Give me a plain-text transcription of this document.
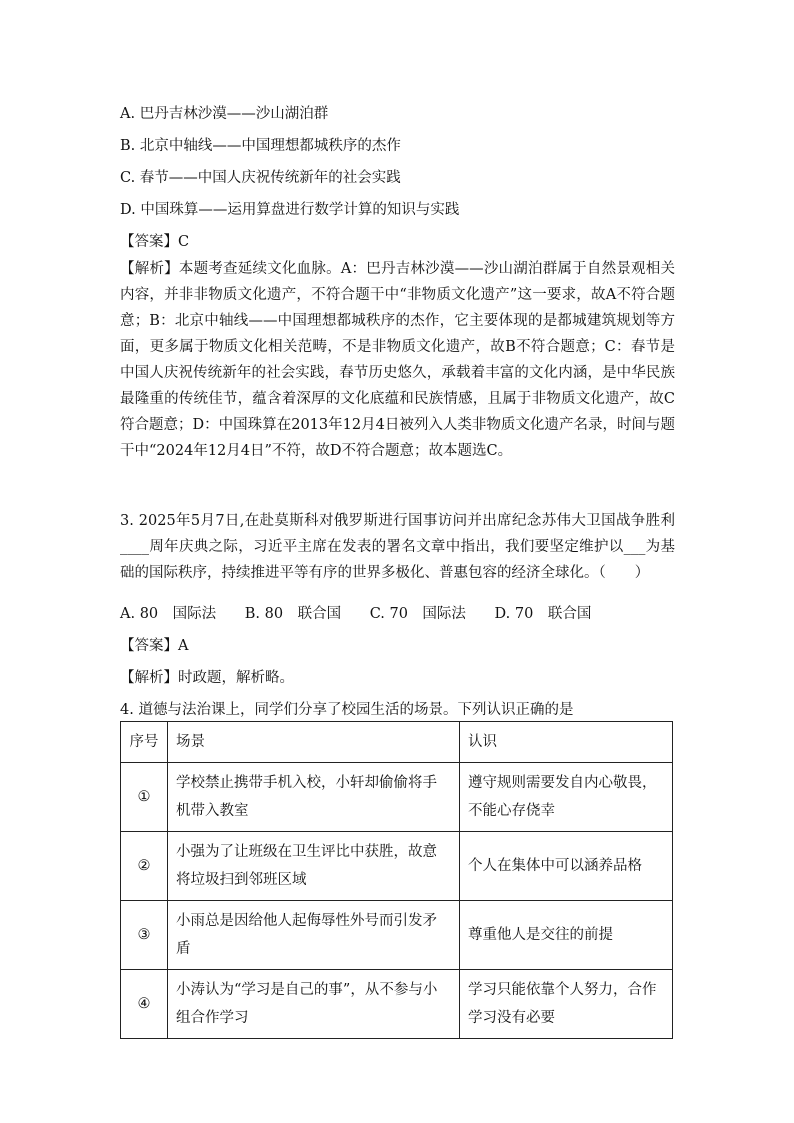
A. 巴丹吉林沙漠——沙山湖泊群
B. 北京中轴线——中国理想都城秩序的杰作
C. 春节——中国人庆祝传统新年的社会实践
D. 中国珠算——运用算盘进行数学计算的知识与实践
【答案】C
【解析】本题考查延续文化血脉。A：巴丹吉林沙漠——沙山湖泊群属于自然景观相关内容，并非非物质文化遗产，不符合题干中“非物质文化遗产”这一要求，故A不符合题意；B：北京中轴线——中国理想都城秩序的杰作，它主要体现的是都城建筑规划等方面，更多属于物质文化相关范畴，不是非物质文化遗产，故B不符合题意；C：春节是中国人庆祝传统新年的社会实践，春节历史悠久，承载着丰富的文化内涵，是中华民族最隆重的传统佳节，蕴含着深厚的文化底蕴和民族情感，且属于非物质文化遗产，故C符合题意；D：中国珠算在2013年12月4日被列入人类非物质文化遗产名录，时间与题干中“2024年12月4日”不符，故D不符合题意；故本题选C。
3. 2025年5月7日,在赴莫斯科对俄罗斯进行国事访问并出席纪念苏伟大卫国战争胜利____周年庆典之际，习近平主席在发表的署名文章中指出，我们要坚定维护以___为基础的国际秩序，持续推进平等有序的世界多极化、普惠包容的经济全球化。（　　）
A. 80　国际法 B. 80　联合国 C. 70　国际法 D. 70　联合国
【答案】A
【解析】时政题，解析略。
4. 道德与法治课上，同学们分享了校园生活的场景。下列认识正确的是
序号	场景	认识
①	学校禁止携带手机入校，小轩却偷偷将手机带入教室	遵守规则需要发自内心敬畏，不能心存侥幸
②	小强为了让班级在卫生评比中获胜，故意将垃圾扫到邻班区域	个人在集体中可以涵养品格
③	小雨总是因给他人起侮辱性外号而引发矛盾	尊重他人是交往的前提
④	小涛认为“学习是自己的事”，从不参与小组合作学习	学习只能依靠个人努力，合作学习没有必要
